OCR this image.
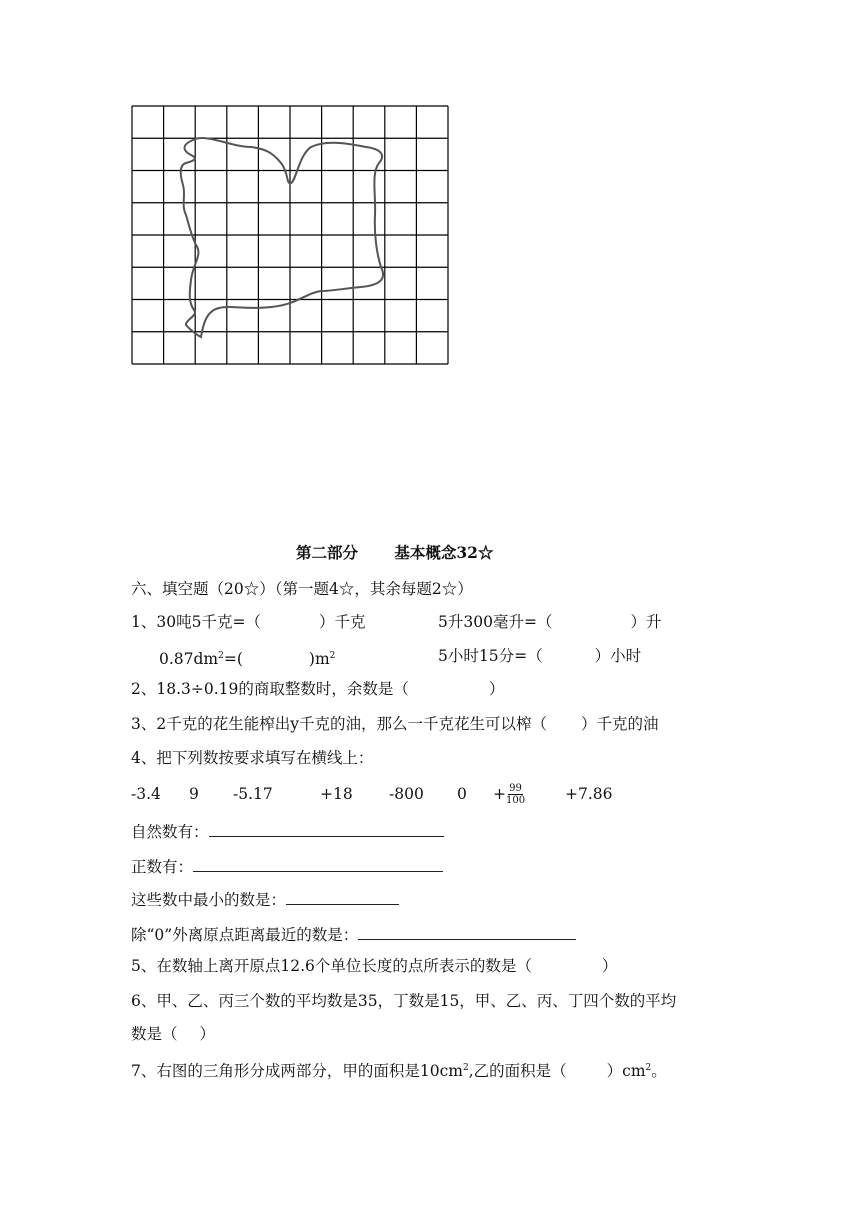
第二部分 　　基本概念32☆
六、填空题（20☆）（第一题4☆，其余每题2☆）
1、30吨5千克=（	）千克	5升300毫升=（	）升
$0.87dm^2=$(	)$m^2$	5小时15分=（	）小时
2、18.3÷0.19的商取整数时，余数是（	）
3、2千克的花生能榨出y千克的油，那么一千克花生可以榨（ ）千克的油
4、把下列数按要求填写在横线上：
-3.4 9 -5.17	+18 -800 $0 + \frac{99}{100}$	+7.86
自然数有：
正数有：
这些数中最小的数是：
除“0”外离原点距离最近的数是：
5、在数轴上离开原点12.6个单位长度的点所表示的数是（	）
6、甲、乙、丙三个数的平均数是35，丁数是15，甲、乙、丙、丁四个数的平均
数是（ ）
7、右图的三角形分成两部分，甲的面积是$10cm^2$,乙的面积是（	）$cm^2$。
